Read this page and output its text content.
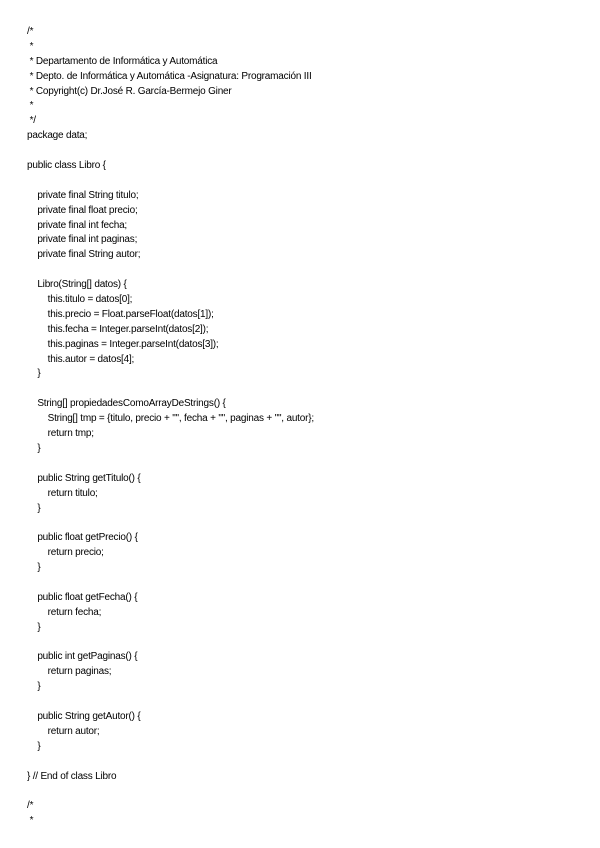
/*
*
* Departamento de Informática y Automática
* Depto. de Informática y Automática -Asignatura: Programación III
* Copyright(c) Dr.José R. García-Bermejo Giner
*
*/
package data;
public class Libro {
private final String titulo;
private final float precio;
private final int fecha;
private final int paginas;
private final String autor;
Libro(String[] datos) {
this.titulo = datos[0];
this.precio = Float.parseFloat(datos[1]);
this.fecha = Integer.parseInt(datos[2]);
this.paginas = Integer.parseInt(datos[3]);
this.autor = datos[4];
}
String[] propiedadesComoArrayDeStrings() {
String[] tmp = {titulo, precio + "", fecha + "", paginas + "", autor};
return tmp;
}
public String getTitulo() {
return titulo;
}
public float getPrecio() {
return precio;
}
public float getFecha() {
return fecha;
}
public int getPaginas() {
return paginas;
}
public String getAutor() {
return autor;
}
} // End of class Libro
/*
*
